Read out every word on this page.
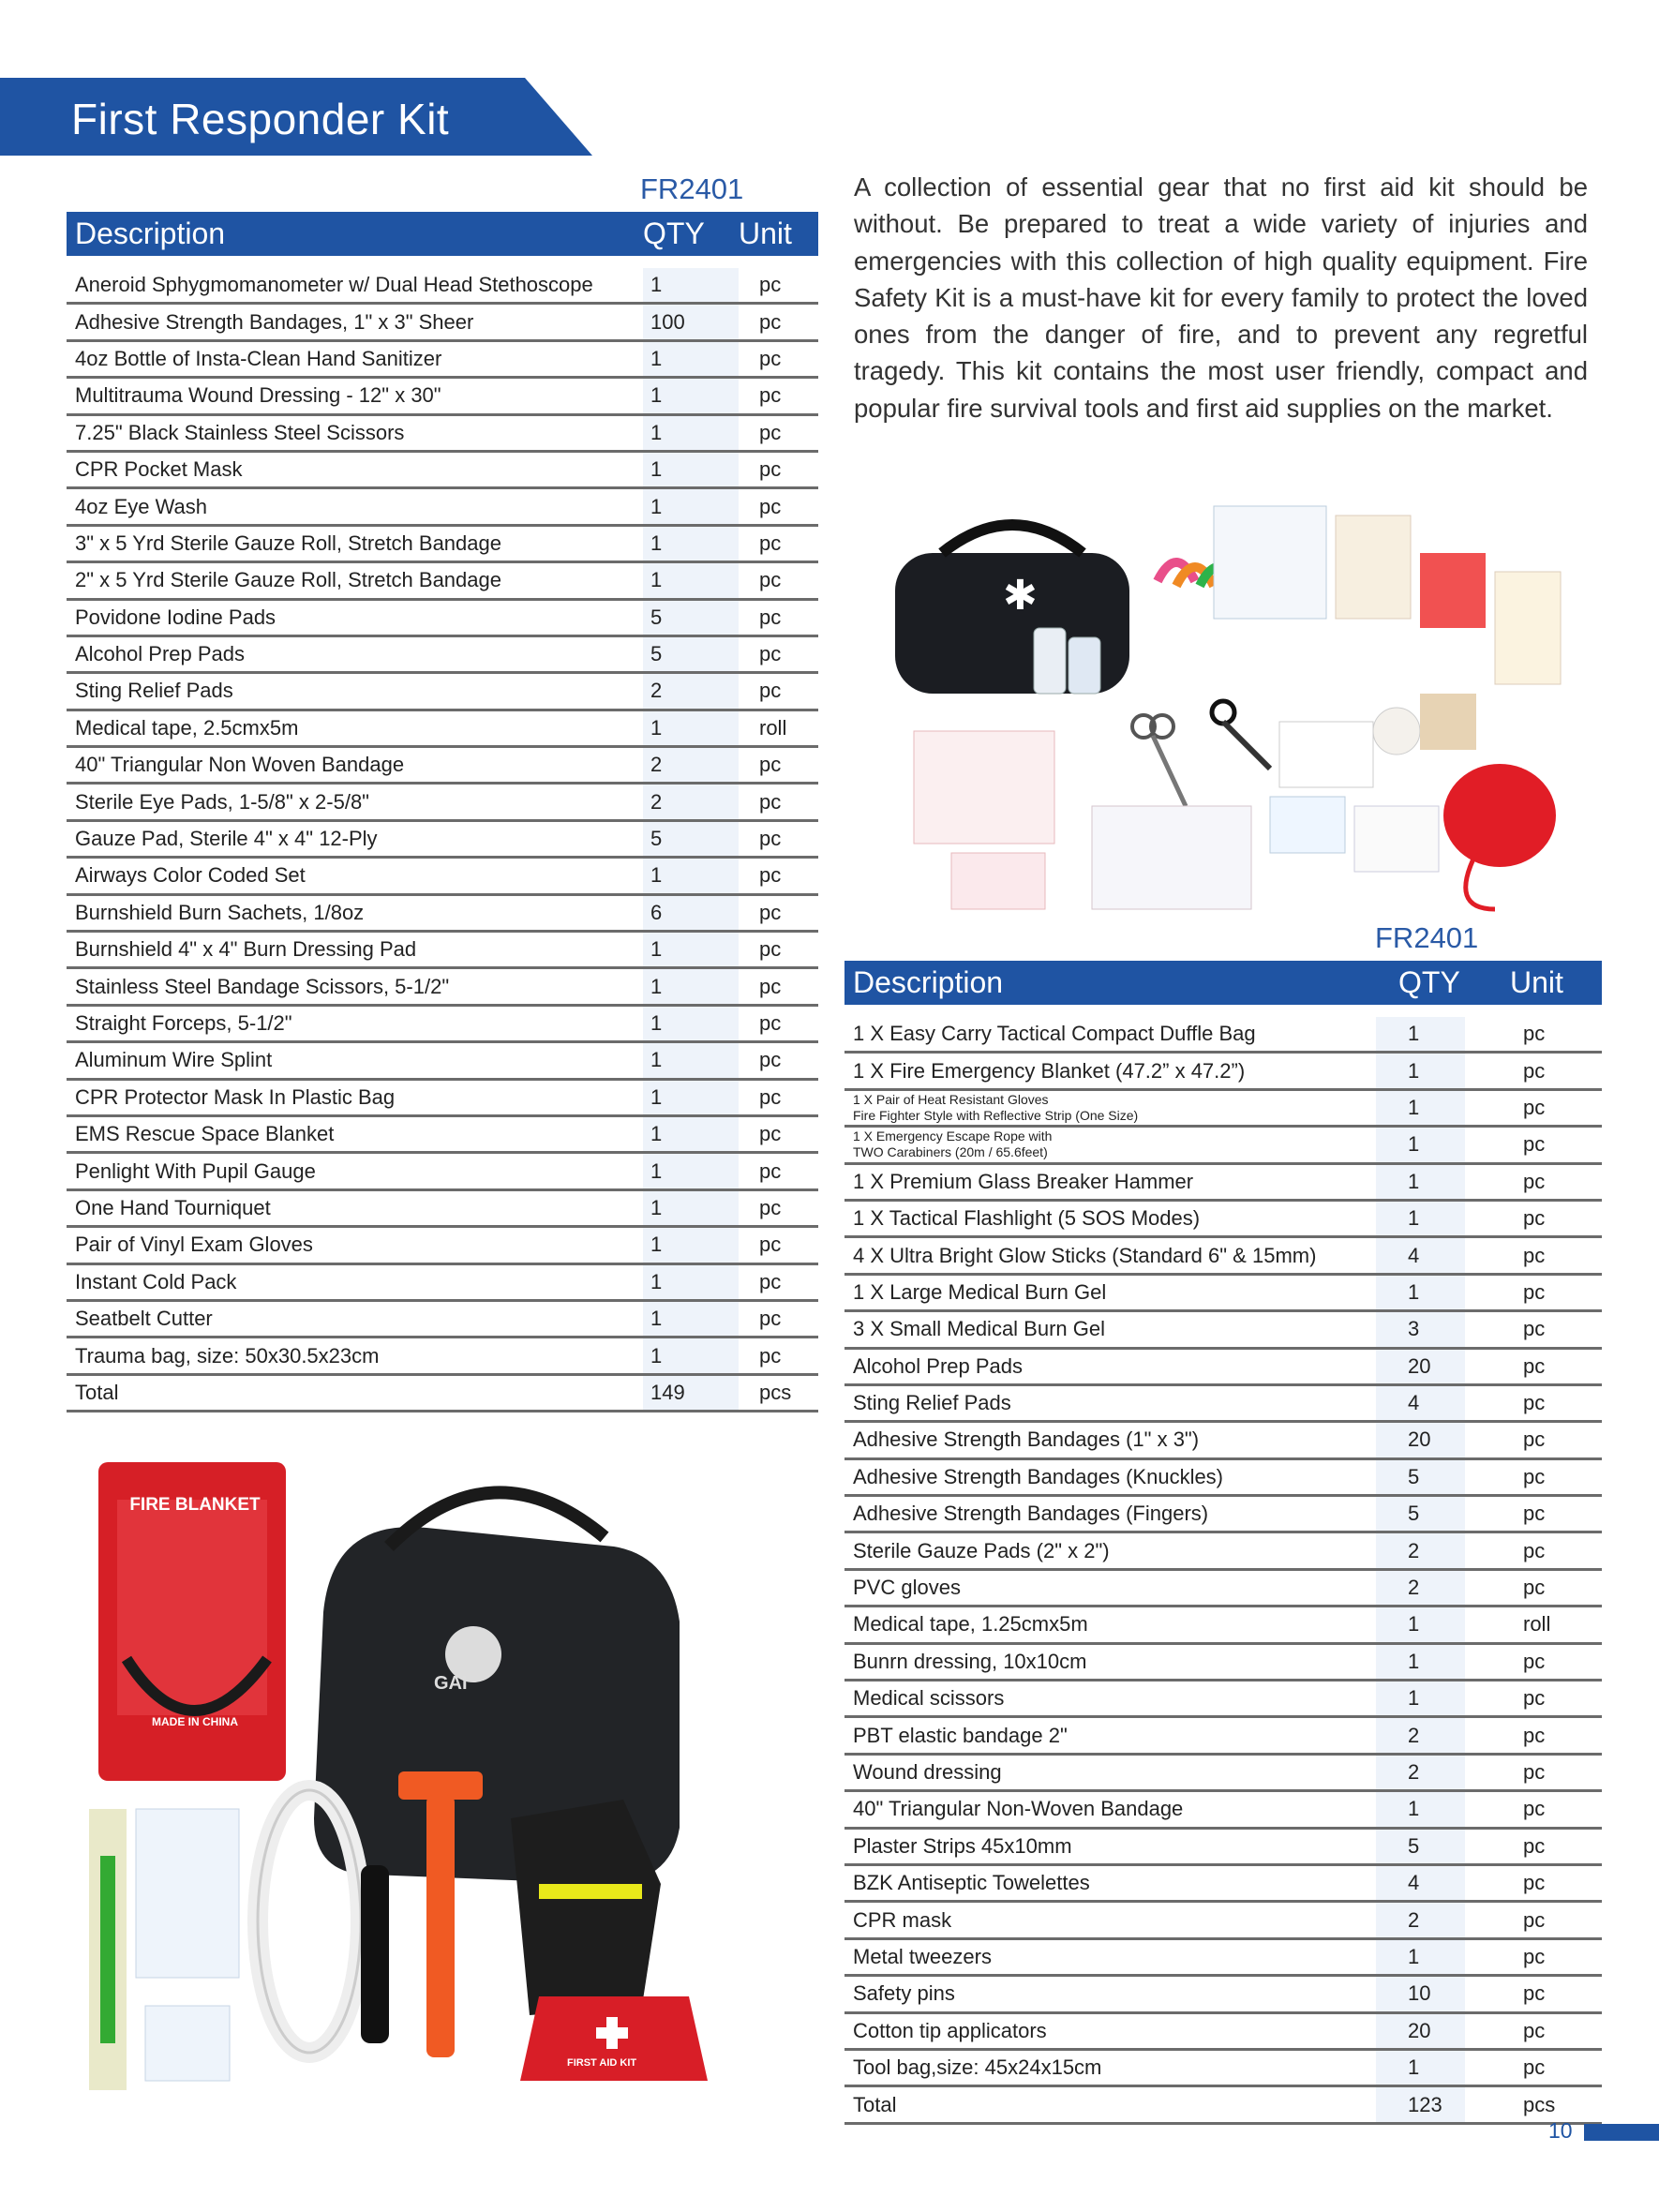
First Responder Kit
FR2401
Description	QTY	Unit

Aneroid Sphygmomanometer w/ Dual Head Stethoscope	1	pc
Adhesive Strength Bandages, 1" x 3" Sheer	100	pc
4oz Bottle of Insta-Clean Hand Sanitizer	1	pc
Multitrauma Wound Dressing - 12" x 30"	1	pc
7.25" Black Stainless Steel Scissors	1	pc
CPR Pocket Mask	1	pc
4oz Eye Wash	1	pc
3" x 5 Yrd Sterile Gauze Roll, Stretch Bandage	1	pc
2" x 5 Yrd Sterile Gauze Roll, Stretch Bandage	1	pc
Povidone Iodine Pads	5	pc
Alcohol Prep Pads	5	pc
Sting Relief Pads	2	pc
Medical tape, 2.5cmx5m	1	roll
40" Triangular Non Woven Bandage	2	pc
Sterile Eye Pads, 1-5/8" x 2-5/8"	2	pc
Gauze Pad, Sterile 4" x 4" 12-Ply	5	pc
Airways Color Coded Set	1	pc
Burnshield Burn Sachets, 1/8oz	6	pc
Burnshield 4" x 4" Burn Dressing Pad	1	pc
Stainless Steel Bandage Scissors, 5-1/2"	1	pc
Straight Forceps, 5-1/2"	1	pc
Aluminum Wire Splint	1	pc
CPR Protector Mask In Plastic Bag	1	pc
EMS Rescue Space Blanket	1	pc
Penlight With Pupil Gauge	1	pc
One Hand Tourniquet	1	pc
Pair of Vinyl Exam Gloves	1	pc
Instant Cold Pack	1	pc
Seatbelt Cutter	1	pc
Trauma bag, size: 50x30.5x23cm	1	pc
Total	149	pcs
A collection of essential gear that no first aid kit should be without. Be prepared to treat a wide variety of injuries and emergencies with this collection of high quality equipment. Fire Safety Kit is a must-have kit for every family to protect the loved ones from the danger of fire, and to prevent any regretful tragedy. This kit contains the most user friendly, compact and popular fire survival tools and first aid supplies on the market.
✱
FR2401
Description	QTY	Unit

1 X Easy Carry Tactical Compact Duffle Bag	1	pc
1 X Fire Emergency Blanket (47.2” x 47.2”)	1	pc

1 X Pair of Heat Resistant Gloves
Fire Fighter Style with Reflective Strip (One Size)	1	pc

1 X Emergency Escape Rope with
TWO Carabiners (20m / 65.6feet)	1	pc
1 X Premium Glass Breaker Hammer	1	pc
1 X Tactical Flashlight (5 SOS Modes)	1	pc
4 X Ultra Bright Glow Sticks (Standard 6" & 15mm)	4	pc
1 X Large Medical Burn Gel	1	pc
3 X Small Medical Burn Gel	3	pc
Alcohol Prep Pads	20	pc
Sting Relief Pads	4	pc
Adhesive Strength Bandages (1" x 3")	20	pc
Adhesive Strength Bandages (Knuckles)	5	pc
Adhesive Strength Bandages (Fingers)	5	pc
Sterile Gauze Pads (2" x 2")	2	pc
PVC gloves	2	pc
Medical tape, 1.25cmx5m	1	roll
Bunrn dressing, 10x10cm	1	pc
Medical scissors	1	pc
PBT elastic bandage 2"	2	pc
Wound dressing	2	pc
40" Triangular Non-Woven Bandage	1	pc
Plaster Strips 45x10mm	5	pc
BZK Antiseptic Towelettes	4	pc
CPR mask	2	pc
Metal tweezers	1	pc
Safety pins	10	pc
Cotton tip applicators	20	pc
Tool bag,size: 45x24x15cm	1	pc
Total	123	pcs
FIRE BLANKET
MADE IN CHINA
GAI
FIRST AID KIT
10
